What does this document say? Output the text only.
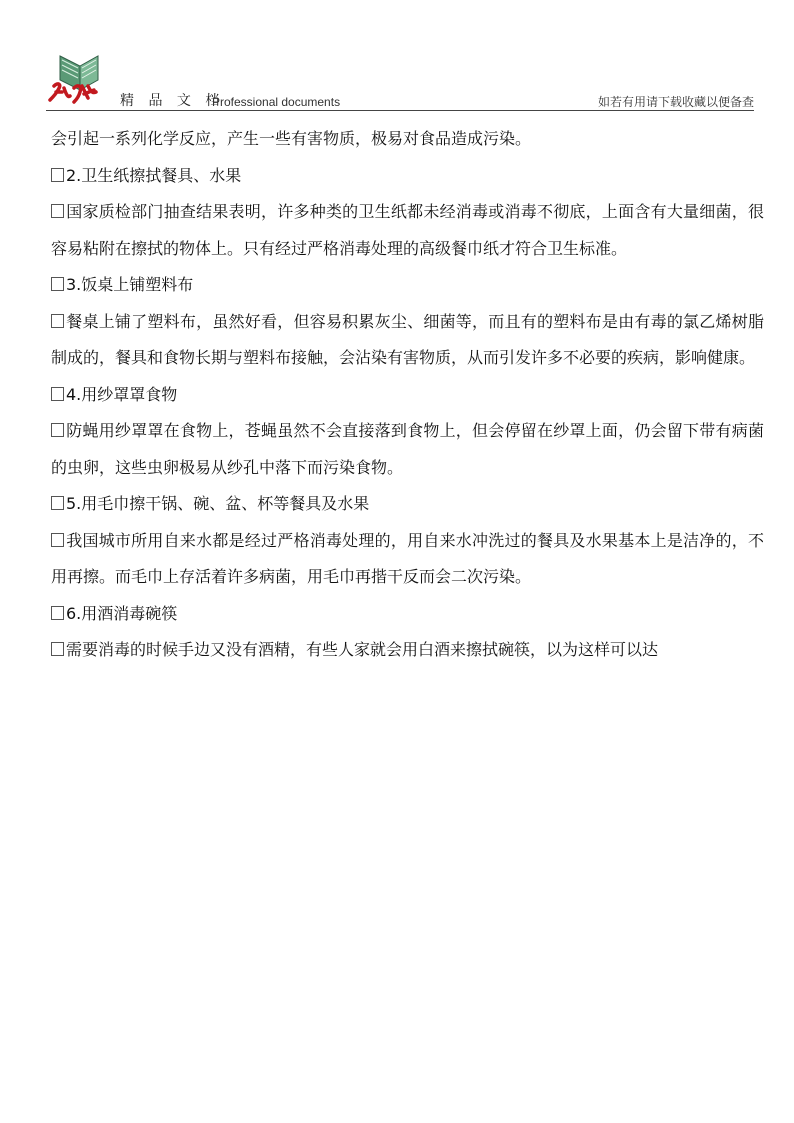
精 品 文 档
Professional documents	如若有用请下载收藏以便备查

会引起一系列化学反应，产生一些有害物质，极易对食品造成污染。

2.卫生纸擦拭餐具、水果

国家质检部门抽查结果表明，许多种类的卫生纸都未经消毒或消毒不彻底，上面含有大量细菌，很容易粘附在擦拭的物体上。只有经过严格消毒处理的高级餐巾纸才符合卫生标准。

3.饭桌上铺塑料布

餐桌上铺了塑料布，虽然好看，但容易积累灰尘、细菌等，而且有的塑料布是由有毒的氯乙烯树脂制成的，餐具和食物长期与塑料布接触，会沾染有害物质，从而引发许多不必要的疾病，影响健康。

4.用纱罩罩食物

防蝇用纱罩罩在食物上，苍蝇虽然不会直接落到食物上，但会停留在纱罩上面，仍会留下带有病菌的虫卵，这些虫卵极易从纱孔中落下而污染食物。

5.用毛巾擦干锅、碗、盆、杯等餐具及水果

我国城市所用自来水都是经过严格消毒处理的，用自来水冲洗过的餐具及水果基本上是洁净的，不用再擦。而毛巾上存活着许多病菌，用毛巾再揩干反而会二次污染。

6.用酒消毒碗筷

需要消毒的时候手边又没有酒精，有些人家就会用白酒来擦拭碗筷，以为这样可以达
